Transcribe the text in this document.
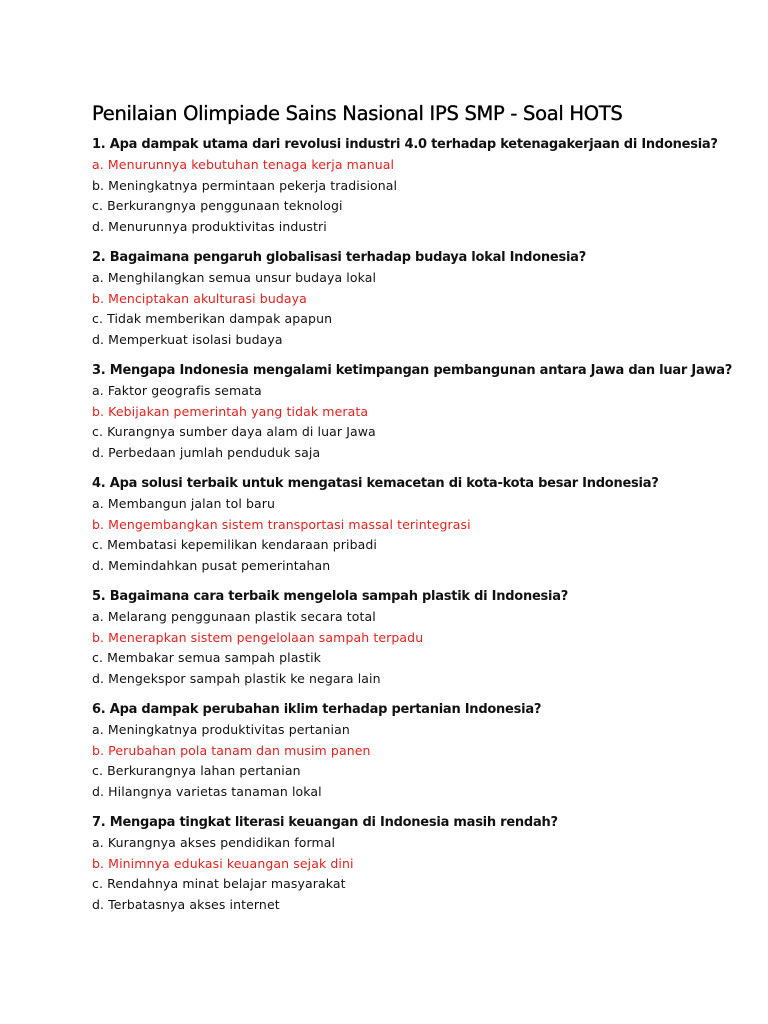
Penilaian Olimpiade Sains Nasional IPS SMP - Soal HOTS
1. Apa dampak utama dari revolusi industri 4.0 terhadap ketenagakerjaan di Indonesia?
a. Menurunnya kebutuhan tenaga kerja manual
b. Meningkatnya permintaan pekerja tradisional
c. Berkurangnya penggunaan teknologi
d. Menurunnya produktivitas industri
2. Bagaimana pengaruh globalisasi terhadap budaya lokal Indonesia?
a. Menghilangkan semua unsur budaya lokal
b. Menciptakan akulturasi budaya
c. Tidak memberikan dampak apapun
d. Memperkuat isolasi budaya
3. Mengapa Indonesia mengalami ketimpangan pembangunan antara Jawa dan luar Jawa?
a. Faktor geografis semata
b. Kebijakan pemerintah yang tidak merata
c. Kurangnya sumber daya alam di luar Jawa
d. Perbedaan jumlah penduduk saja
4. Apa solusi terbaik untuk mengatasi kemacetan di kota-kota besar Indonesia?
a. Membangun jalan tol baru
b. Mengembangkan sistem transportasi massal terintegrasi
c. Membatasi kepemilikan kendaraan pribadi
d. Memindahkan pusat pemerintahan
5. Bagaimana cara terbaik mengelola sampah plastik di Indonesia?
a. Melarang penggunaan plastik secara total
b. Menerapkan sistem pengelolaan sampah terpadu
c. Membakar semua sampah plastik
d. Mengekspor sampah plastik ke negara lain
6. Apa dampak perubahan iklim terhadap pertanian Indonesia?
a. Meningkatnya produktivitas pertanian
b. Perubahan pola tanam dan musim panen
c. Berkurangnya lahan pertanian
d. Hilangnya varietas tanaman lokal
7. Mengapa tingkat literasi keuangan di Indonesia masih rendah?
a. Kurangnya akses pendidikan formal
b. Minimnya edukasi keuangan sejak dini
c. Rendahnya minat belajar masyarakat
d. Terbatasnya akses internet
